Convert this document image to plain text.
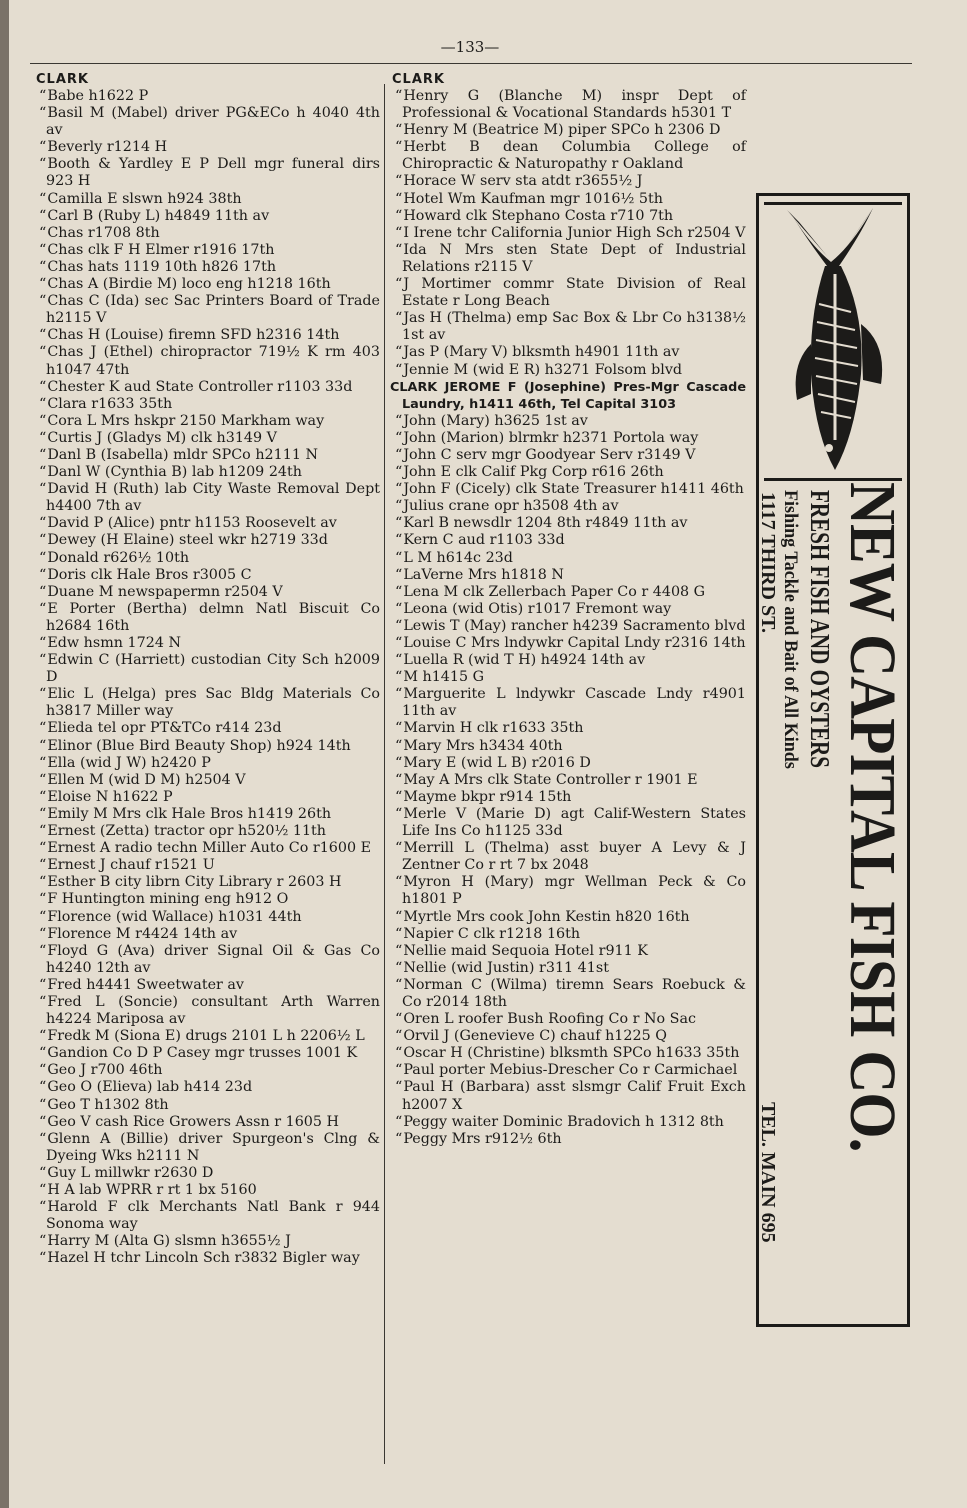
—133—
CLARK
“ Babe h1622 P
“ Basil M (Mabel) driver PG&ECo h 4040 4th av
“ Beverly r1214 H
“ Booth & Yardley E P Dell mgr funeral dirs 923 H
“ Camilla E slswn h924 38th
“ Carl B (Ruby L) h4849 11th av
“ Chas r1708 8th
“ Chas clk F H Elmer r1916 17th
“ Chas hats 1119 10th h826 17th
“ Chas A (Birdie M) loco eng h1218 16th
“ Chas C (Ida) sec Sac Printers Board of Trade h2115 V
“ Chas H (Louise) firemn SFD h2316 14th
“ Chas J (Ethel) chiropractor 719½ K rm 403 h1047 47th
“ Chester K aud State Controller r1103 33d
“ Clara r1633 35th
“ Cora L Mrs hskpr 2150 Markham way
“ Curtis J (Gladys M) clk h3149 V
“ Danl B (Isabella) mldr SPCo h2111 N
“ Danl W (Cynthia B) lab h1209 24th
“ David H (Ruth) lab City Waste Removal Dept h4400 7th av
“ David P (Alice) pntr h1153 Roosevelt av
“ Dewey (H Elaine) steel wkr h2719 33d
“ Donald r626½ 10th
“ Doris clk Hale Bros r3005 C
“ Duane M newspapermn r2504 V
“ E Porter (Bertha) delmn Natl Biscuit Co h2684 16th
“ Edw hsmn 1724 N
“ Edwin C (Harriett) custodian City Sch h2009 D
“ Elic L (Helga) pres Sac Bldg Materials Co h3817 Miller way
“ Elieda tel opr PT&TCo r414 23d
“ Elinor (Blue Bird Beauty Shop) h924 14th
“ Ella (wid J W) h2420 P
“ Ellen M (wid D M) h2504 V
“ Eloise N h1622 P
“ Emily M Mrs clk Hale Bros h1419 26th
“ Ernest (Zetta) tractor opr h520½ 11th
“ Ernest A radio techn Miller Auto Co r1600 E
“ Ernest J chauf r1521 U
“ Esther B city librn City Library r 2603 H
“ F Huntington mining eng h912 O
“ Florence (wid Wallace) h1031 44th
“ Florence M r4424 14th av
“ Floyd G (Ava) driver Signal Oil & Gas Co h4240 12th av
“ Fred h4441 Sweetwater av
“ Fred L (Soncie) consultant Arth Warren h4224 Mariposa av
“ Fredk M (Siona E) drugs 2101 L h 2206½ L
“ Gandion Co D P Casey mgr trusses 1001 K
“ Geo J r700 46th
“ Geo O (Elieva) lab h414 23d
“ Geo T h1302 8th
“ Geo V cash Rice Growers Assn r 1605 H
“ Glenn A (Billie) driver Spurgeon's Clng & Dyeing Wks h2111 N
“ Guy L millwkr r2630 D
“ H A lab WPRR r rt 1 bx 5160
“ Harold F clk Merchants Natl Bank r 944 Sonoma way
“ Harry M (Alta G) slsmn h3655½ J
“ Hazel H tchr Lincoln Sch r3832 Bigler way
CLARK
“ Henry G (Blanche M) inspr Dept of Professional & Vocational Standards h5301 T
“ Henry M (Beatrice M) piper SPCo h 2306 D
“ Herbt B dean Columbia College of Chiropractic & Naturopathy r Oakland
“ Horace W serv sta atdt r3655½ J
“ Hotel Wm Kaufman mgr 1016½ 5th
“ Howard clk Stephano Costa r710 7th
“ I Irene tchr California Junior High Sch r2504 V
“ Ida N Mrs sten State Dept of Industrial Relations r2115 V
“ J Mortimer commr State Division of Real Estate r Long Beach
“ Jas H (Thelma) emp Sac Box & Lbr Co h3138½ 1st av
“ Jas P (Mary V) blksmth h4901 11th av
“ Jennie M (wid E R) h3271 Folsom blvd
CLARK JEROME F (Josephine) Pres-Mgr Cascade Laundry, h1411 46th, Tel Capital 3103
“ John (Mary) h3625 1st av
“ John (Marion) blrmkr h2371 Portola way
“ John C serv mgr Goodyear Serv r3149 V
“ John E clk Calif Pkg Corp r616 26th
“ John F (Cicely) clk State Treasurer h1411 46th
“ Julius crane opr h3508 4th av
“ Karl B newsdlr 1204 8th r4849 11th av
“ Kern C aud r1103 33d
“ L M h614c 23d
“ LaVerne Mrs h1818 N
“ Lena M clk Zellerbach Paper Co r 4408 G
“ Leona (wid Otis) r1017 Fremont way
“ Lewis T (May) rancher h4239 Sacramento blvd
“ Louise C Mrs lndywkr Capital Lndy r2316 14th
“ Luella R (wid T H) h4924 14th av
“ M h1415 G
“ Marguerite L lndywkr Cascade Lndy r4901 11th av
“ Marvin H clk r1633 35th
“ Mary Mrs h3434 40th
“ Mary E (wid L B) r2016 D
“ May A Mrs clk State Controller r 1901 E
“ Mayme bkpr r914 15th
“ Merle V (Marie D) agt Calif-Western States Life Ins Co h1125 33d
“ Merrill L (Thelma) asst buyer A Levy & J Zentner Co r rt 7 bx 2048
“ Myron H (Mary) mgr Wellman Peck & Co h1801 P
“ Myrtle Mrs cook John Kestin h820 16th
“ Napier C clk r1218 16th
“ Nellie maid Sequoia Hotel r911 K
“ Nellie (wid Justin) r311 41st
“ Norman C (Wilma) tiremn Sears Roebuck & Co r2014 18th
“ Oren L roofer Bush Roofing Co r No Sac
“ Orvil J (Genevieve C) chauf h1225 Q
“ Oscar H (Christine) blksmth SPCo h1633 35th
“ Paul porter Mebius-Drescher Co r Carmichael
“ Paul H (Barbara) asst slsmgr Calif Fruit Exch h2007 X
“ Peggy waiter Dominic Bradovich h 1312 8th
“ Peggy Mrs r912½ 6th	NEW CAPITAL FISH CO.
FRESH FISH AND OYSTERS
Fishing Tackle and Bait of All Kinds
1117 THIRD ST.
TEL. MAIN 695
